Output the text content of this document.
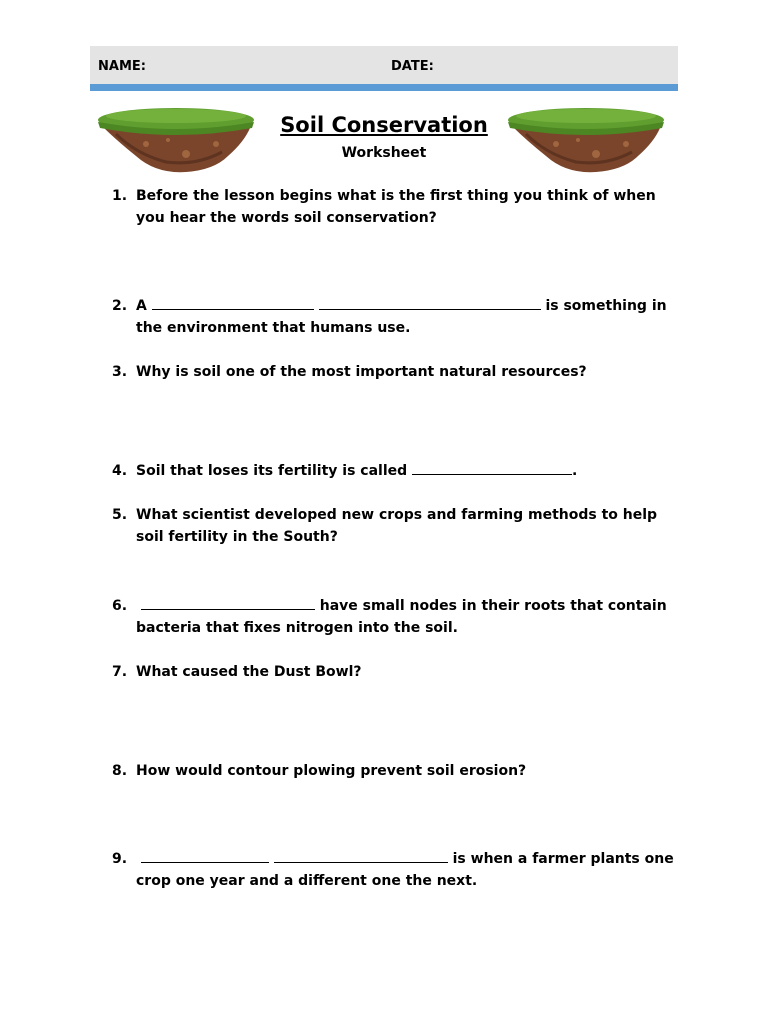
NAME:	DATE:
Soil Conservation
Worksheet
1. Before the lesson begins what is the first thing you think of when you hear the words soil conservation?
2. A	is something in the environment that humans use.
3. Why is soil one of the most important natural resources?
4. Soil that loses its fertility is called	.
5. What scientist developed new crops and farming methods to help soil fertility in the South?
6.	have small nodes in their roots that contain bacteria that fixes nitrogen into the soil.
7. What caused the Dust Bowl?
8. How would contour plowing prevent soil erosion?
9.	is when a farmer plants one crop one year and a different one the next.
